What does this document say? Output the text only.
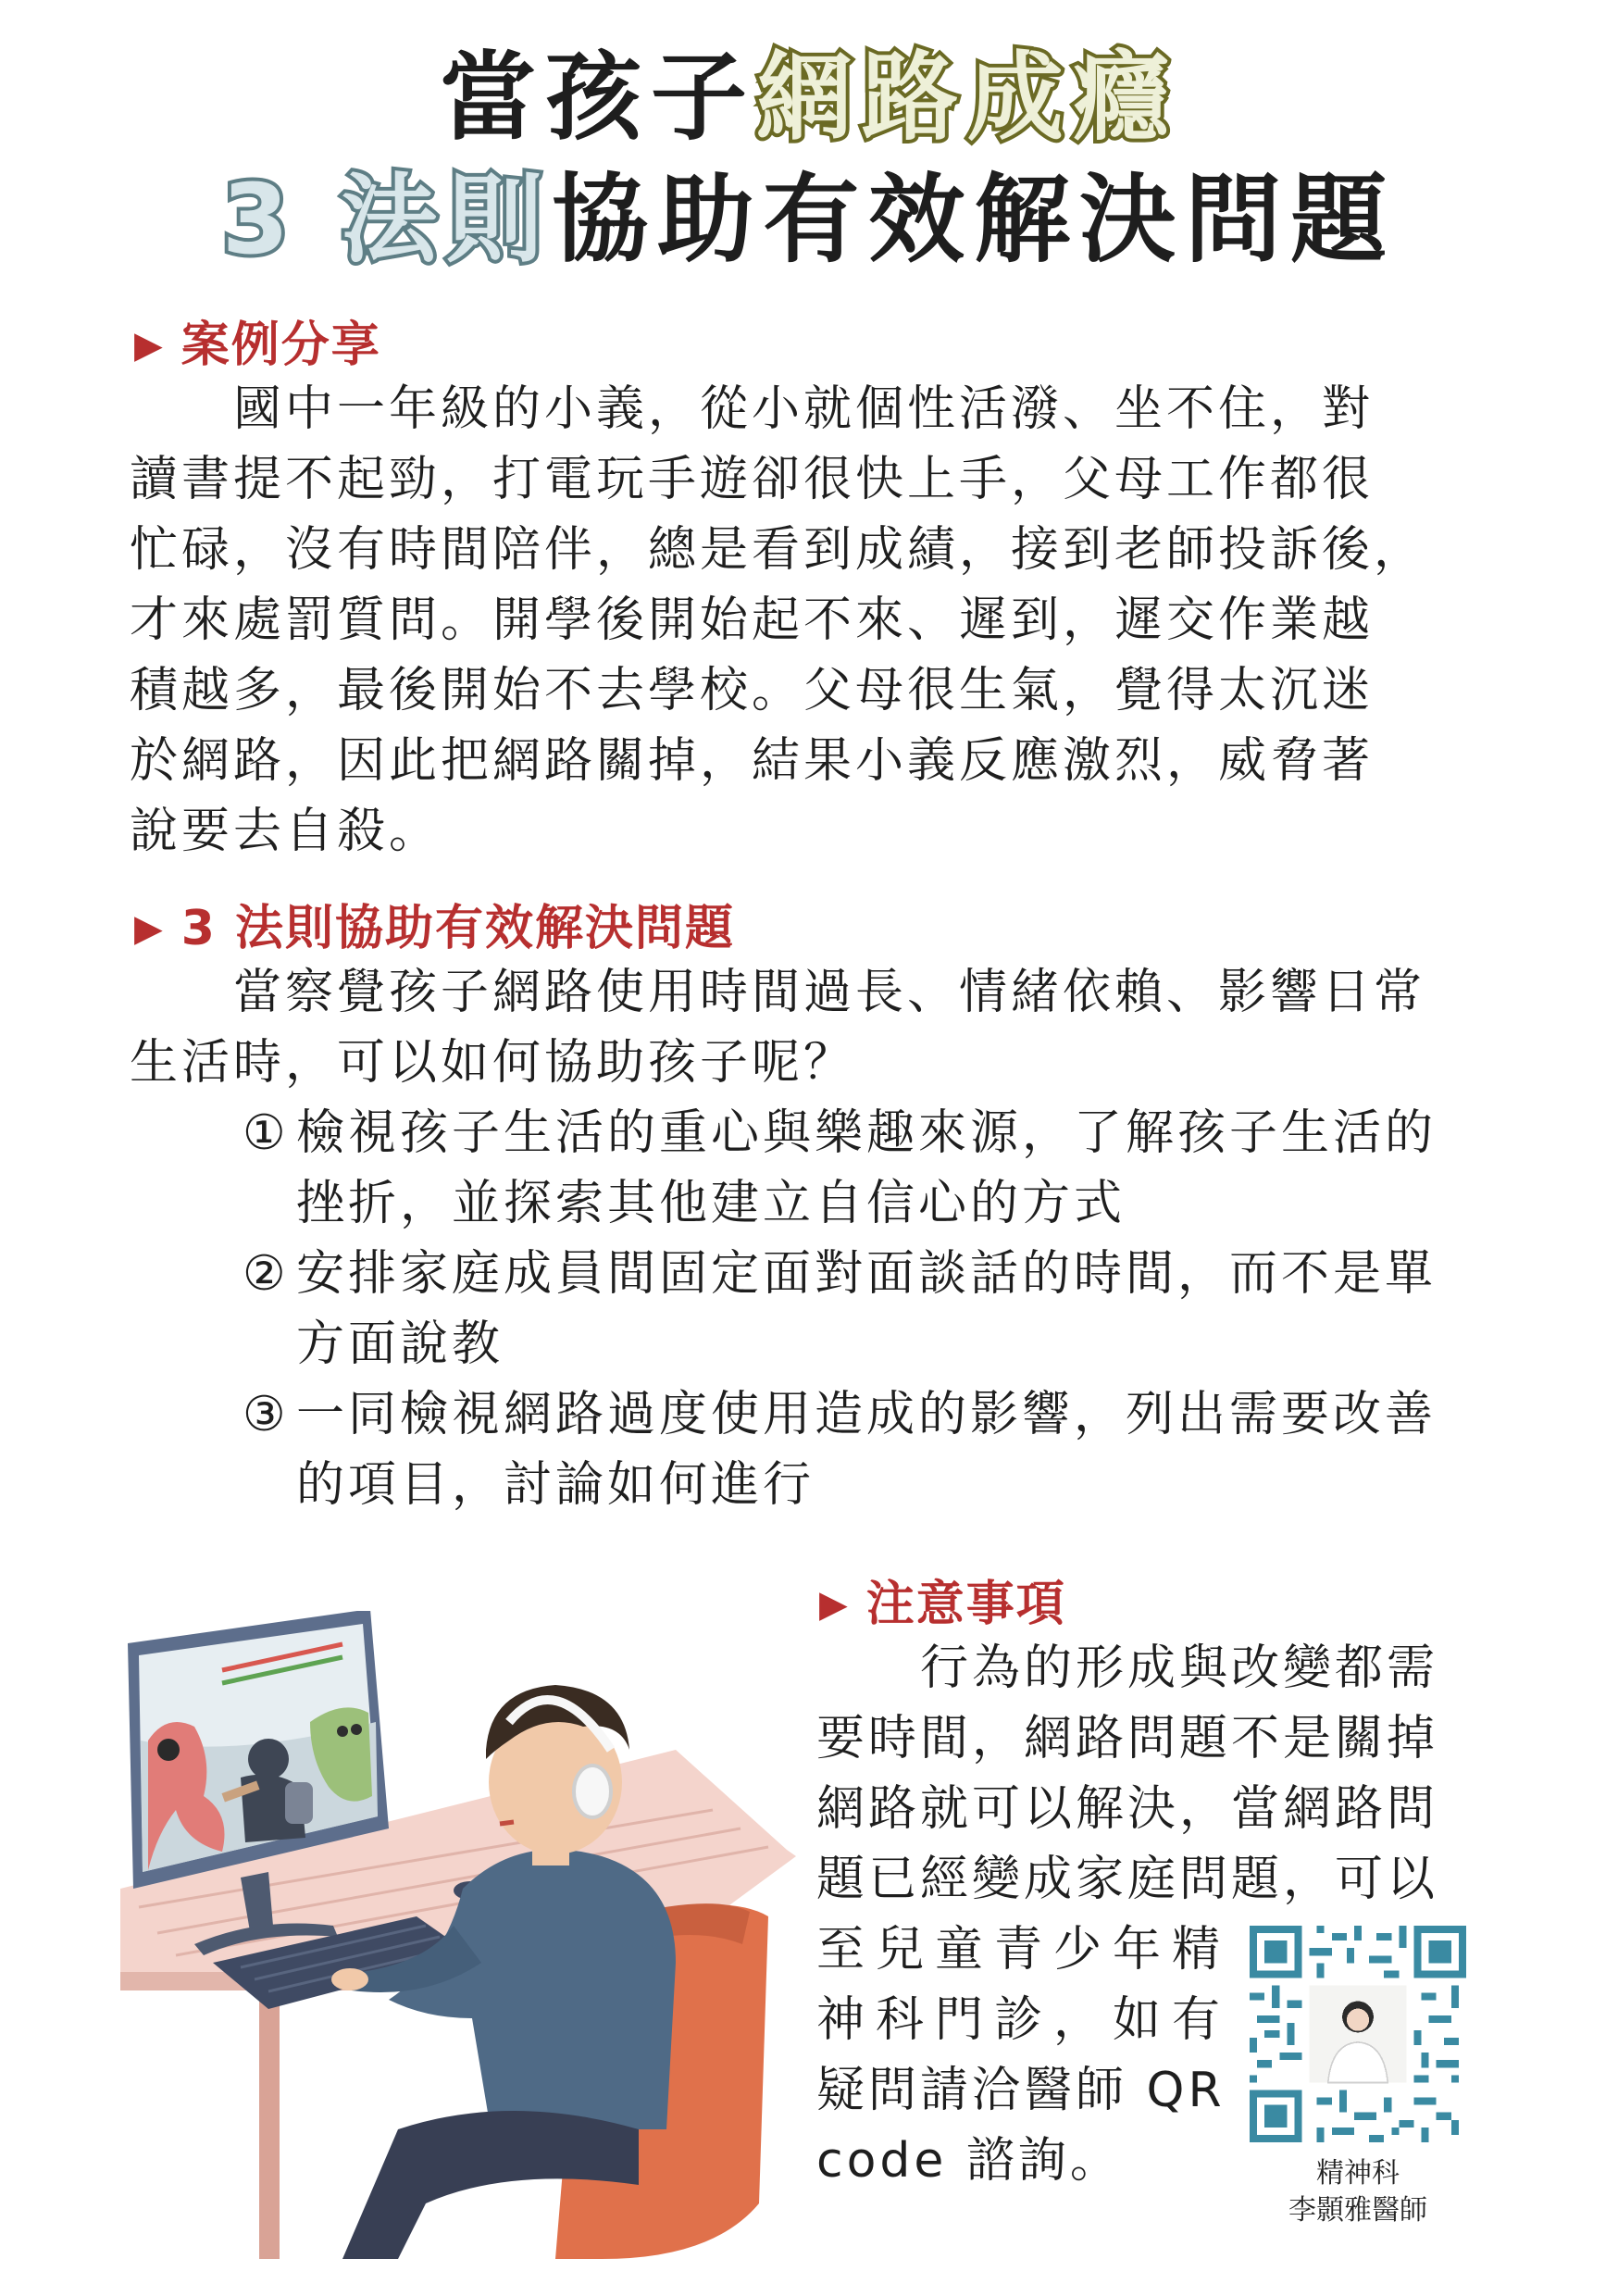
當孩子網路成癮
3 法則協助有效解決問題
▶ 案例分享
　　國中一年級的小義，從小就個性活潑、坐不住，對
讀書提不起勁，打電玩手遊卻很快上手，父母工作都很
忙碌，沒有時間陪伴，總是看到成績，接到老師投訴後，
才來處罰質問。開學後開始起不來、遲到，遲交作業越
積越多，最後開始不去學校。父母很生氣，覺得太沉迷
於網路，因此把網路關掉，結果小義反應激烈，威脅著
說要去自殺。
▶ 3 法則協助有效解決問題
　　當察覺孩子網路使用時間過長、情緒依賴、影響日常
生活時，可以如何協助孩子呢？
① 檢視孩子生活的重心與樂趣來源，了解孩子生活的
挫折，並探索其他建立自信心的方式
② 安排家庭成員間固定面對面談話的時間，而不是單
方面說教
③ 一同檢視網路過度使用造成的影響，列出需要改善
的項目，討論如何進行
▶ 注意事項
　　行為的形成與改變都需
要時間，網路問題不是關掉
網路就可以解決，當網路問
題已經變成家庭問題，可以
至兒童青少年精
神科門診，如有
疑問請洽醫師 QR
code 諮詢。	精神科
李顥雅醫師
